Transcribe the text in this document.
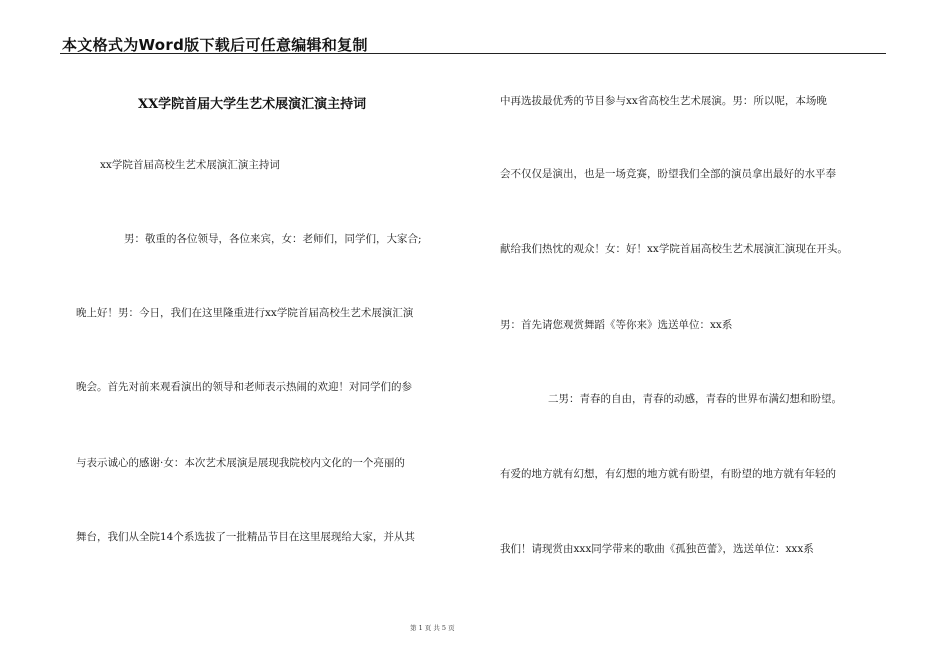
本文格式为Word版下载后可任意编辑和复制
XX学院首届大学生艺术展演汇演主持词
xx学院首届高校生艺术展演汇演主持词
男：敬重的各位领导，各位来宾，女：老师们，同学们，大家合;
晚上好！男：今日，我们在这里隆重进行xx学院首届高校生艺术展演汇演
晚会。首先对前来观看演出的领导和老师表示热闹的欢迎！对同学们的参
与表示诚心的感谢·女：本次艺术展演是展现我院校内文化的一个亮丽的
舞台，我们从全院14个系选拔了一批精品节目在这里展现给大家，并从其
中再选拔最优秀的节目参与xx省高校生艺术展演。男：所以呢，本场晚
会不仅仅是演出，也是一场竞赛，盼望我们全部的演员拿出最好的水平奉
献给我们热忱的观众！女：好！xx学院首届高校生艺术展演汇演现在开头。
男：首先请您观赏舞蹈《等你来》选送单位：xx系
二男：青春的自由，青春的动感，青春的世界布满幻想和盼望。
有爱的地方就有幻想，有幻想的地方就有盼望，有盼望的地方就有年轻的
我们！请现赏由xxx同学带来的歌曲《孤独芭蕾》，选送单位：xxx系
第 1 页 共 5 页
